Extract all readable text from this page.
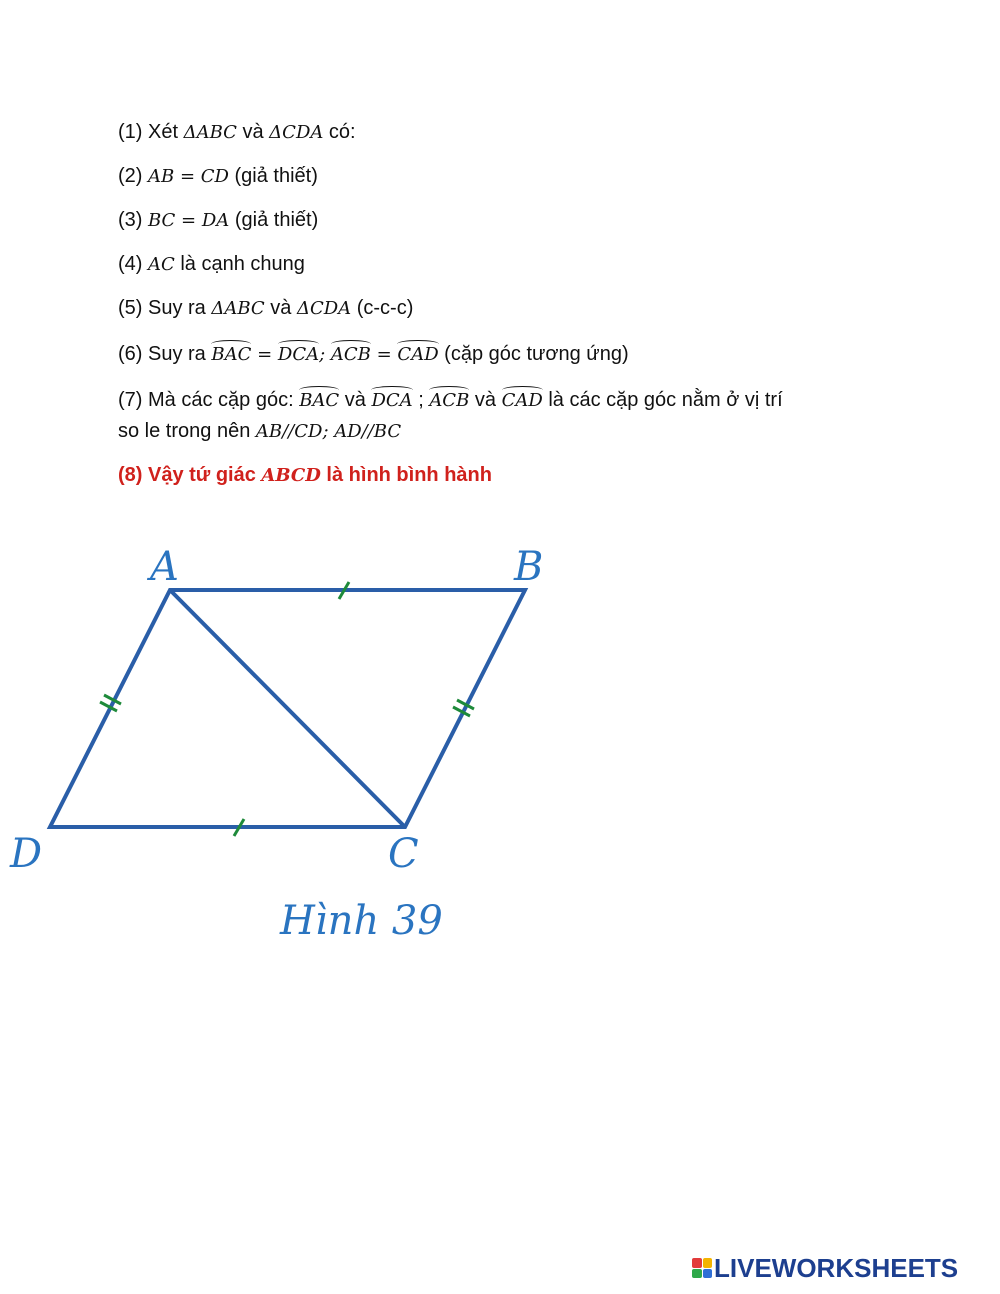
(1) Xét ΔABC và ΔCDA có:
(2) AB = CD (giả thiết)
(3) BC = DA (giả thiết)
(4) AC là cạnh chung
(5) Suy ra ΔABC và ΔCDA (c-c-c)
(6) Suy ra BAC = DCA; ACB = CAD (cặp góc tương ứng)
(7) Mà các cặp góc: BAC và DCA ; ACB và CAD là các cặp góc nằm ở vị trí
so le trong nên AB//CD; AD//BC
(8) Vậy tứ giác ABCD là hình bình hành
A	B
C
D
Hình 39
LIVEWORKSHEETS
